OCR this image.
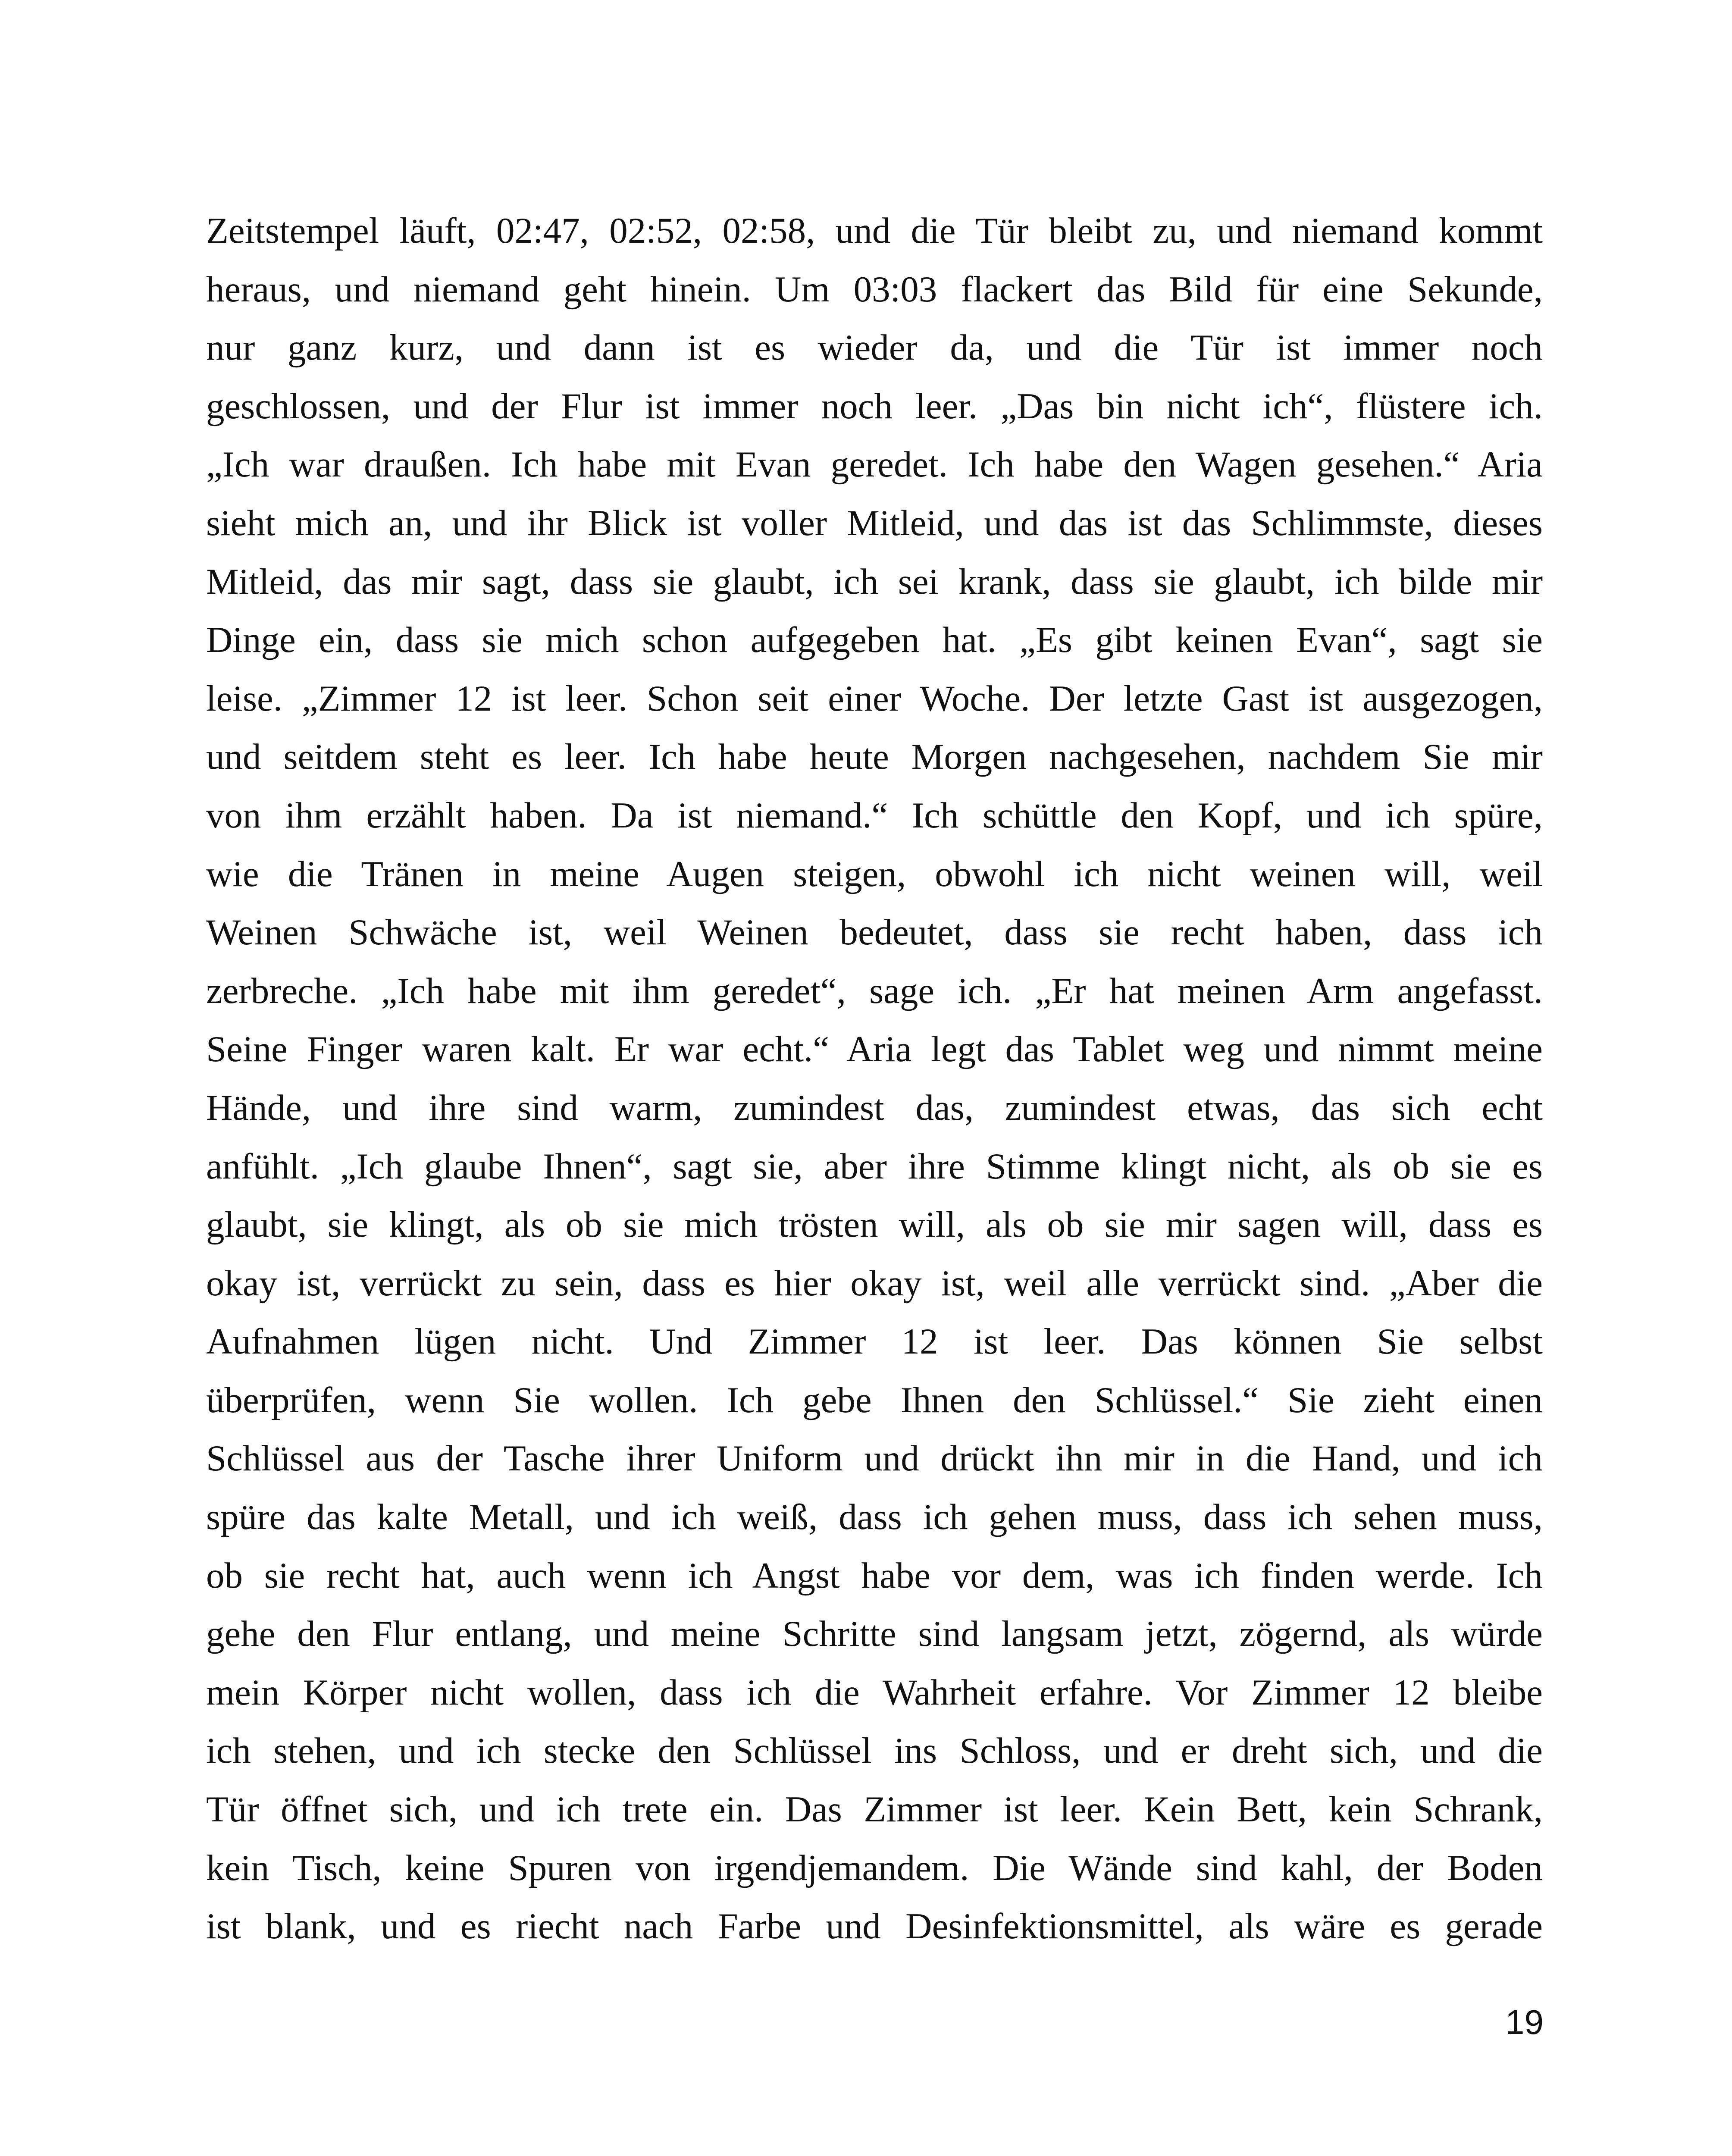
Zeitstempel läuft, 02:47, 02:52, 02:58, und die Tür bleibt zu, und niemand kommt
heraus, und niemand geht hinein. Um 03:03 flackert das Bild für eine Sekunde,
nur ganz kurz, und dann ist es wieder da, und die Tür ist immer noch
geschlossen, und der Flur ist immer noch leer. „Das bin nicht ich“, flüstere ich.
„Ich war draußen. Ich habe mit Evan geredet. Ich habe den Wagen gesehen.“ Aria
sieht mich an, und ihr Blick ist voller Mitleid, und das ist das Schlimmste, dieses
Mitleid, das mir sagt, dass sie glaubt, ich sei krank, dass sie glaubt, ich bilde mir
Dinge ein, dass sie mich schon aufgegeben hat. „Es gibt keinen Evan“, sagt sie
leise. „Zimmer 12 ist leer. Schon seit einer Woche. Der letzte Gast ist ausgezogen,
und seitdem steht es leer. Ich habe heute Morgen nachgesehen, nachdem Sie mir
von ihm erzählt haben. Da ist niemand.“ Ich schüttle den Kopf, und ich spüre,
wie die Tränen in meine Augen steigen, obwohl ich nicht weinen will, weil
Weinen Schwäche ist, weil Weinen bedeutet, dass sie recht haben, dass ich
zerbreche. „Ich habe mit ihm geredet“, sage ich. „Er hat meinen Arm angefasst.
Seine Finger waren kalt. Er war echt.“ Aria legt das Tablet weg und nimmt meine
Hände, und ihre sind warm, zumindest das, zumindest etwas, das sich echt
anfühlt. „Ich glaube Ihnen“, sagt sie, aber ihre Stimme klingt nicht, als ob sie es
glaubt, sie klingt, als ob sie mich trösten will, als ob sie mir sagen will, dass es
okay ist, verrückt zu sein, dass es hier okay ist, weil alle verrückt sind. „Aber die
Aufnahmen lügen nicht. Und Zimmer 12 ist leer. Das können Sie selbst
überprüfen, wenn Sie wollen. Ich gebe Ihnen den Schlüssel.“ Sie zieht einen
Schlüssel aus der Tasche ihrer Uniform und drückt ihn mir in die Hand, und ich
spüre das kalte Metall, und ich weiß, dass ich gehen muss, dass ich sehen muss,
ob sie recht hat, auch wenn ich Angst habe vor dem, was ich finden werde. Ich
gehe den Flur entlang, und meine Schritte sind langsam jetzt, zögernd, als würde
mein Körper nicht wollen, dass ich die Wahrheit erfahre. Vor Zimmer 12 bleibe
ich stehen, und ich stecke den Schlüssel ins Schloss, und er dreht sich, und die
Tür öffnet sich, und ich trete ein. Das Zimmer ist leer. Kein Bett, kein Schrank,
kein Tisch, keine Spuren von irgendjemandem. Die Wände sind kahl, der Boden
ist blank, und es riecht nach Farbe und Desinfektionsmittel, als wäre es gerade
19
